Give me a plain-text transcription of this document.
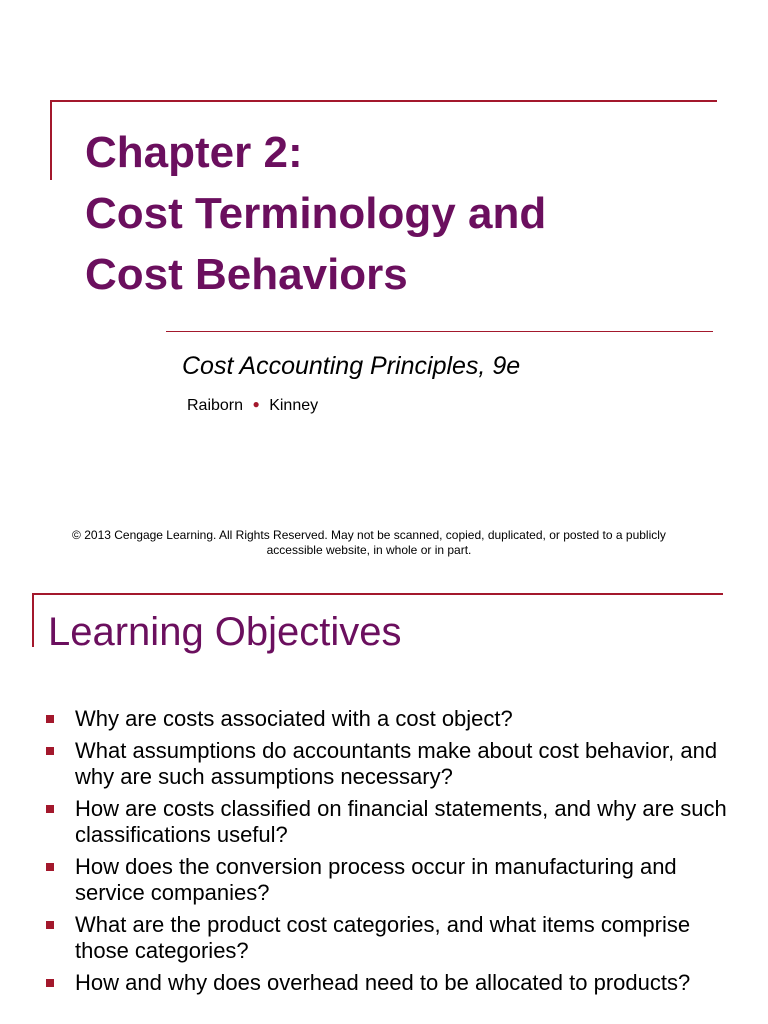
Chapter 2:
Cost Terminology and
Cost Behaviors

Cost Accounting Principles, 9e

Raiborn ● Kinney

© 2013 Cengage Learning. All Rights Reserved. May not be scanned, copied, duplicated, or posted to a publicly
accessible website, in whole or in part.

Learning Objectives
Why are costs associated with a cost object?
What assumptions do accountants make about cost behavior, and why are such assumptions necessary?
How are costs classified on financial statements, and why are such classifications useful?
How does the conversion process occur in manufacturing and service companies?
What are the product cost categories, and what items comprise those categories?
How and why does overhead need to be allocated to products?
